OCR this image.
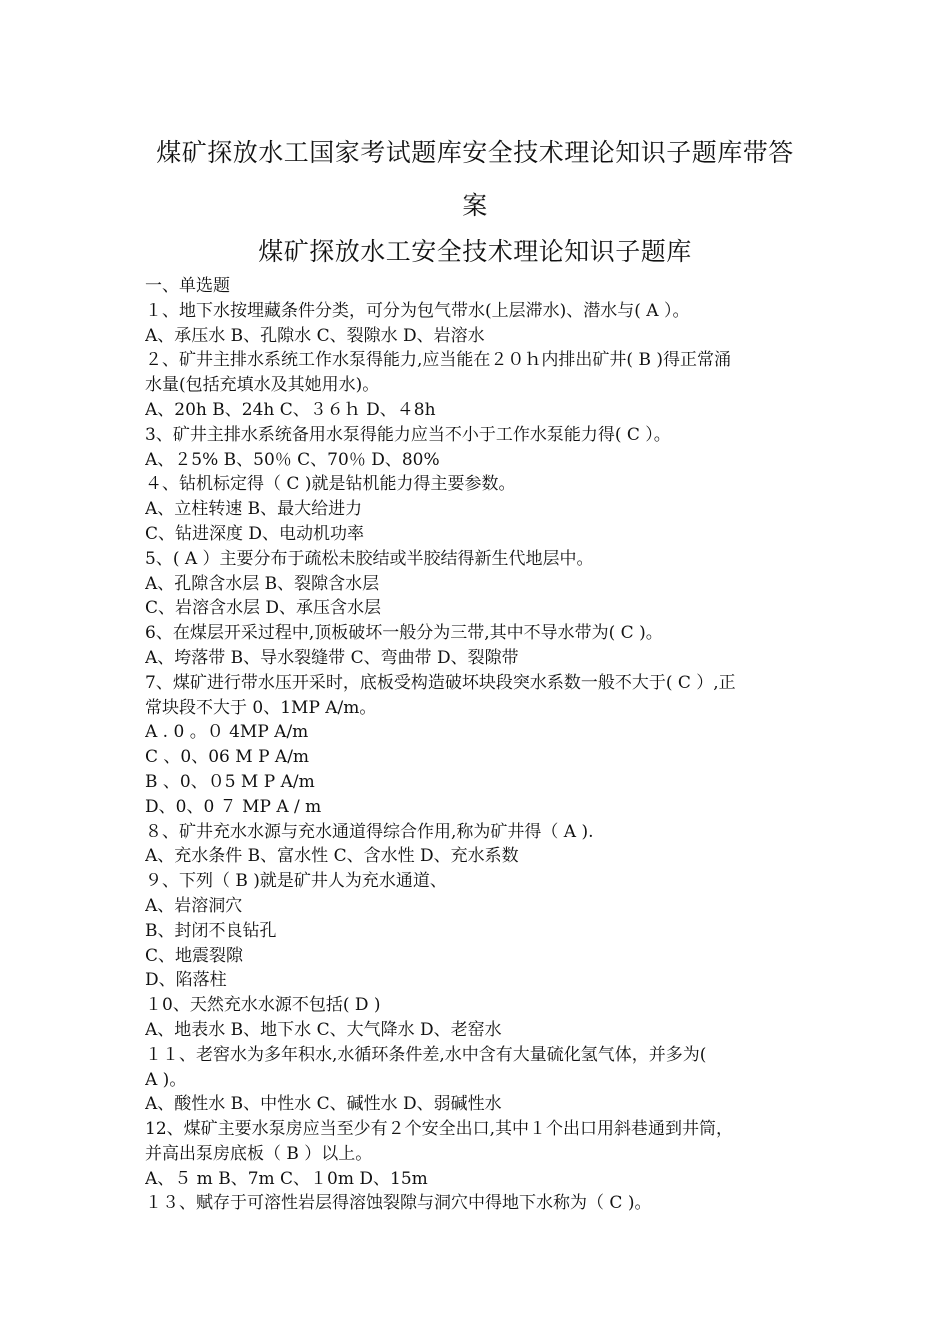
煤矿探放水工国家考试题库安全技术理论知识子题库带答
案
煤矿探放水工安全技术理论知识子题库
一、单选题
１、地下水按埋藏条件分类，可分为包气带水(上层滞水)、潜水与( A ）。
A、承压水 B、孔隙水 C、裂隙水 D、岩溶水
２、矿井主排水系统工作水泵得能力,应当能在２０ｈ内排出矿井( B )得正常涌
水量(包括充填水及其她用水)。
A、20h B、24h C、３６ｈ D、４8h
3、矿井主排水系统备用水泵得能力应当不小于工作水泵能力得( C ）。
A、２5% B、50％ C、70％ D、80%
４、钻机标定得（ C )就是钻机能力得主要参数。
A、立柱转速 B、最大给进力
C、钻进深度 D、电动机功率
5、( A ）主要分布于疏松未胶结或半胶结得新生代地层中。
A、孔隙含水层 B、裂隙含水层
C、岩溶含水层 D、承压含水层
6、在煤层开采过程中,顶板破坏一般分为三带,其中不导水带为( C )。
A、垮落带 B、导水裂缝带 C、弯曲带 D、裂隙带
7、煤矿进行带水压开采时，底板受构造破坏块段突水系数一般不大于( C ）,正
常块段不大于 0、1MP A/m。
A . 0 。０ 4MP A/m
C 、0、06 M P A/m
B 、0、０5 M P A/m
D、0、0 ７ MP A / m
８、矿井充水水源与充水通道得综合作用,称为矿井得（ A ).
A、充水条件 B、富水性 C、含水性 D、充水系数
９、下列（ B )就是矿井人为充水通道、
A、岩溶洞穴
B、封闭不良钻孔
C、地震裂隙
D、陷落柱
１0、天然充水水源不包括( D )
A、地表水 B、地下水 C、大气降水 D、老窑水
１１、老窖水为多年积水,水循环条件差,水中含有大量硫化氢气体，并多为(
A )。
A、酸性水 B、中性水 C、碱性水 D、弱碱性水
12、煤矿主要水泵房应当至少有２个安全出口,其中１个出口用斜巷通到井筒，
并高出泵房底板（ B ）以上。
A、５ m B、7m C、１0m D、15m
１３、赋存于可溶性岩层得溶蚀裂隙与洞穴中得地下水称为（ C )。
